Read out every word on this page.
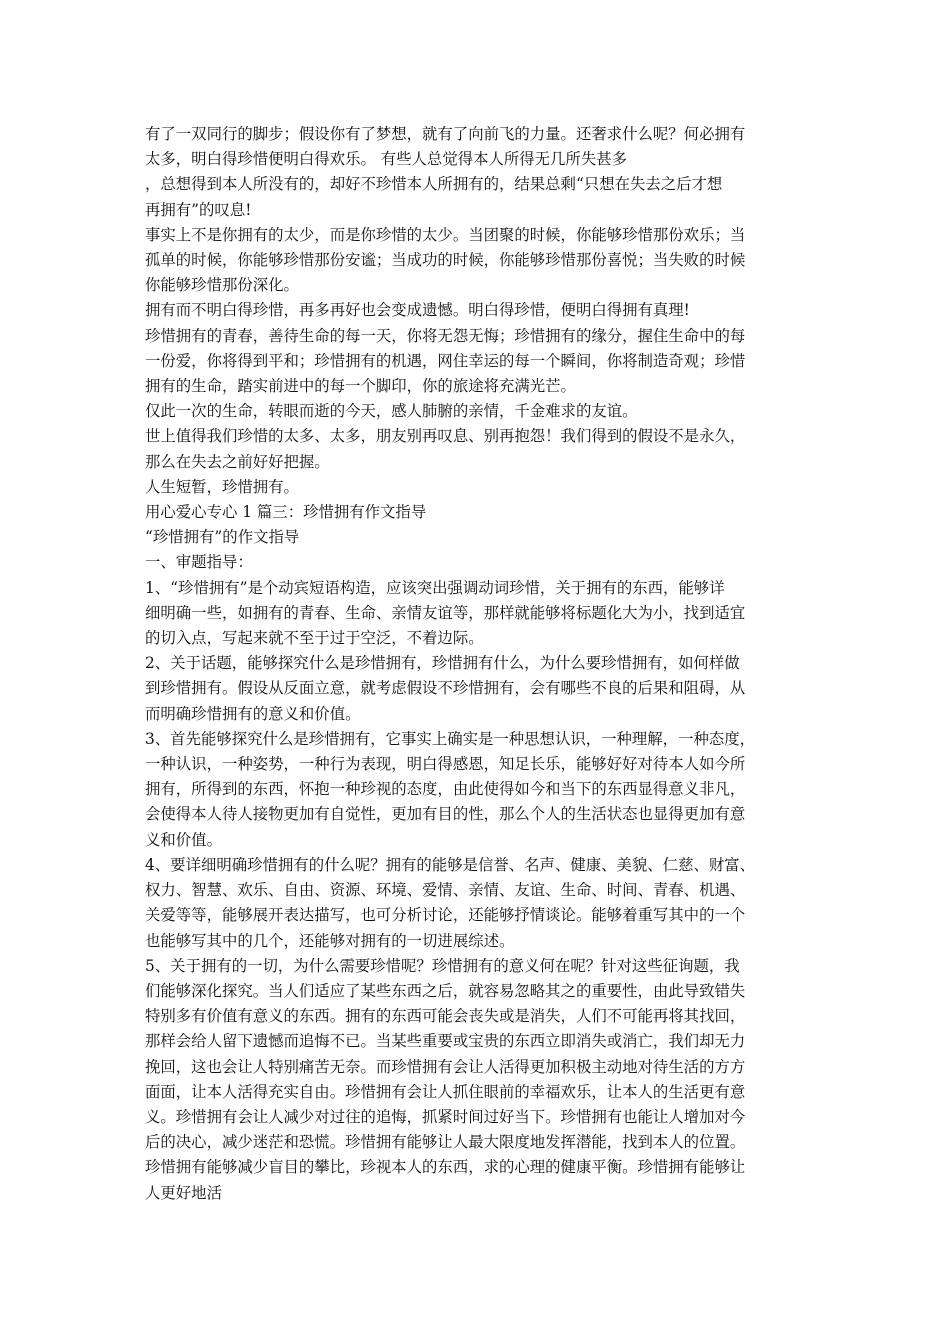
有了一双同行的脚步；假设你有了梦想，就有了向前飞的力量。还奢求什么呢？何必拥有

太多，明白得珍惜便明白得欢乐。 有些人总觉得本人所得无几所失甚多

，总想得到本人所没有的，却好不珍惜本人所拥有的，结果总剩“只想在失去之后才想

再拥有”的叹息!

事实上不是你拥有的太少，而是你珍惜的太少。当团聚的时候，你能够珍惜那份欢乐；当

孤单的时候，你能够珍惜那份安谧；当成功的时候，你能够珍惜那份喜悦；当失败的时候

你能够珍惜那份深化。

拥有而不明白得珍惜，再多再好也会变成遗憾。明白得珍惜，便明白得拥有真理!

珍惜拥有的青春，善待生命的每一天，你将无怨无悔；珍惜拥有的缘分，握住生命中的每

一份爱，你将得到平和；珍惜拥有的机遇，网住幸运的每一个瞬间，你将制造奇观；珍惜

拥有的生命，踏实前进中的每一个脚印，你的旅途将充满光芒。

仅此一次的生命，转眼而逝的今天，感人肺腑的亲情，千金难求的友谊。

世上值得我们珍惜的太多、太多，朋友别再叹息、别再抱怨！我们得到的假设不是永久，

那么在失去之前好好把握。

人生短暂，珍惜拥有。

用心爱心专心 1 篇三：珍惜拥有作文指导

“珍惜拥有”的作文指导

一、审题指导：

1、“珍惜拥有”是个动宾短语构造，应该突出强调动词珍惜，关于拥有的东西，能够详

细明确一些，如拥有的青春、生命、亲情友谊等，那样就能够将标题化大为小，找到适宜

的切入点，写起来就不至于过于空泛，不着边际。

2、关于话题，能够探究什么是珍惜拥有，珍惜拥有什么，为什么要珍惜拥有，如何样做

到珍惜拥有。假设从反面立意，就考虑假设不珍惜拥有，会有哪些不良的后果和阻碍，从

而明确珍惜拥有的意义和价值。

3、首先能够探究什么是珍惜拥有，它事实上确实是一种思想认识，一种理解，一种态度，

一种认识，一种姿势，一种行为表现，明白得感恩，知足长乐，能够好好对待本人如今所

拥有，所得到的东西，怀抱一种珍视的态度，由此使得如今和当下的东西显得意义非凡，

会使得本人待人接物更加有自觉性，更加有目的性，那么个人的生活状态也显得更加有意

义和价值。

4、要详细明确珍惜拥有的什么呢？拥有的能够是信誉、名声、健康、美貌、仁慈、财富、

权力、智慧、欢乐、自由、资源、环境、爱情、亲情、友谊、生命、时间、青春、机遇、

关爱等等，能够展开表达描写，也可分析讨论，还能够抒情谈论。能够着重写其中的一个

也能够写其中的几个，还能够对拥有的一切进展综述。

5、关于拥有的一切，为什么需要珍惜呢？珍惜拥有的意义何在呢？针对这些征询题，我

们能够深化探究。当人们适应了某些东西之后，就容易忽略其之的重要性，由此导致错失

特别多有价值有意义的东西。拥有的东西可能会丧失或是消失，人们不可能再将其找回，

那样会给人留下遗憾而追悔不已。当某些重要或宝贵的东西立即消失或消亡，我们却无力

挽回，这也会让人特别痛苦无奈。而珍惜拥有会让人活得更加积极主动地对待生活的方方

面面，让本人活得充实自由。珍惜拥有会让人抓住眼前的幸福欢乐，让本人的生活更有意

义。珍惜拥有会让人减少对过往的追悔，抓紧时间过好当下。珍惜拥有也能让人增加对今

后的决心，减少迷茫和恐慌。珍惜拥有能够让人最大限度地发挥潜能，找到本人的位置。

珍惜拥有能够减少盲目的攀比，珍视本人的东西，求的心理的健康平衡。珍惜拥有能够让

人更好地活
